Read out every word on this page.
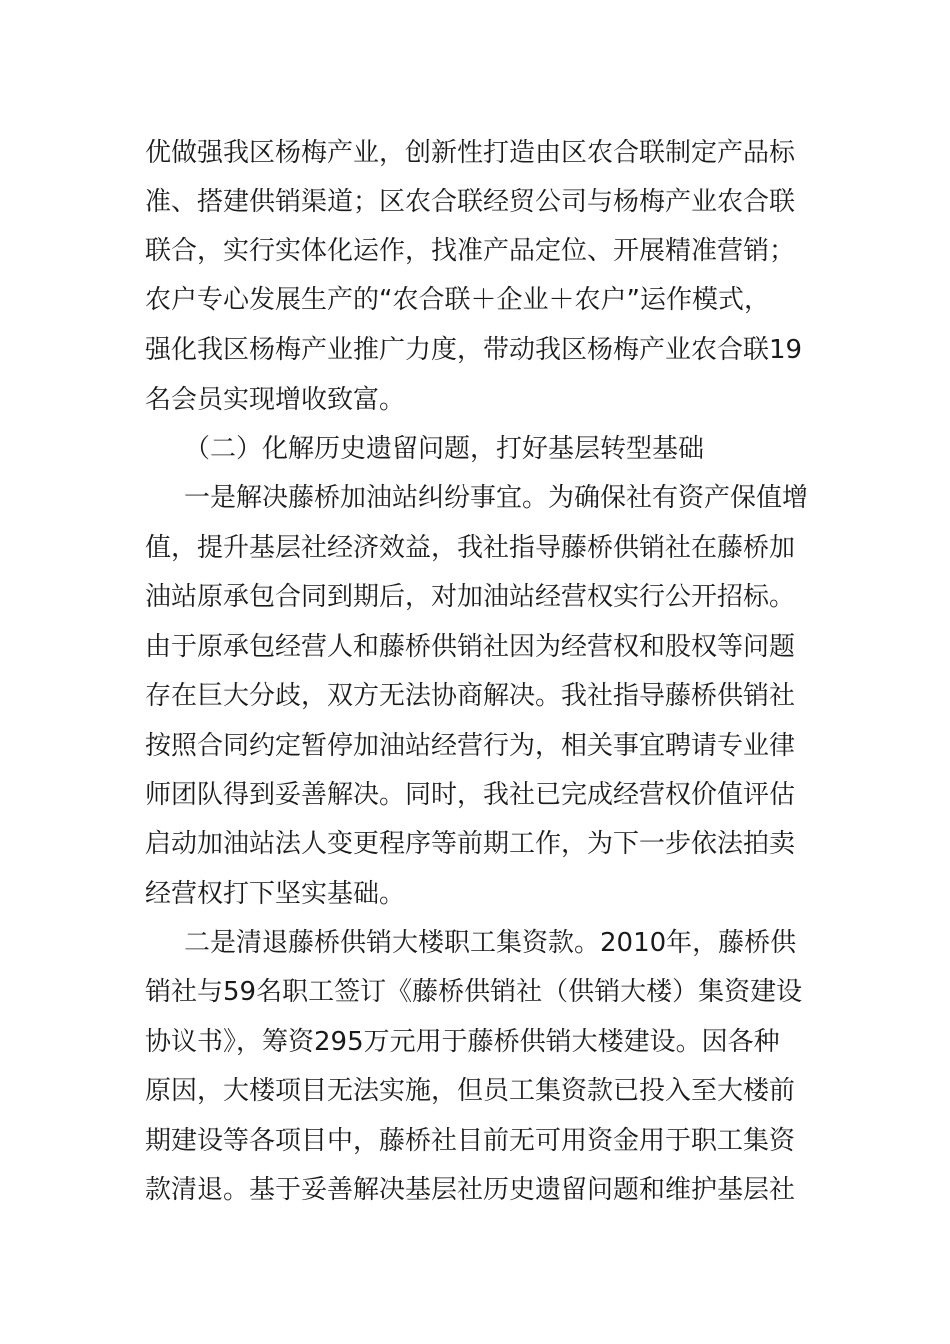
优做强我区杨梅产业，创新性打造由区农合联制定产品标
准、搭建供销渠道；区农合联经贸公司与杨梅产业农合联
联合，实行实体化运作，找准产品定位、开展精准营销；
农户专心发展生产的“农合联＋企业＋农户”运作模式，
强化我区杨梅产业推广力度，带动我区杨梅产业农合联19
名会员实现增收致富。
（二）化解历史遗留问题，打好基层转型基础
一是解决藤桥加油站纠纷事宜。为确保社有资产保值增
值，提升基层社经济效益，我社指导藤桥供销社在藤桥加
油站原承包合同到期后，对加油站经营权实行公开招标。
由于原承包经营人和藤桥供销社因为经营权和股权等问题
存在巨大分歧，双方无法协商解决。我社指导藤桥供销社
按照合同约定暂停加油站经营行为，相关事宜聘请专业律
师团队得到妥善解决。同时，我社已完成经营权价值评估
启动加油站法人变更程序等前期工作，为下一步依法拍卖
经营权打下坚实基础。
二是清退藤桥供销大楼职工集资款。2010年，藤桥供
销社与59名职工签订《藤桥供销社（供销大楼）集资建设
协议书》，筹资295万元用于藤桥供销大楼建设。因各种
原因，大楼项目无法实施，但员工集资款已投入至大楼前
期建设等各项目中，藤桥社目前无可用资金用于职工集资
款清退。基于妥善解决基层社历史遗留问题和维护基层社
